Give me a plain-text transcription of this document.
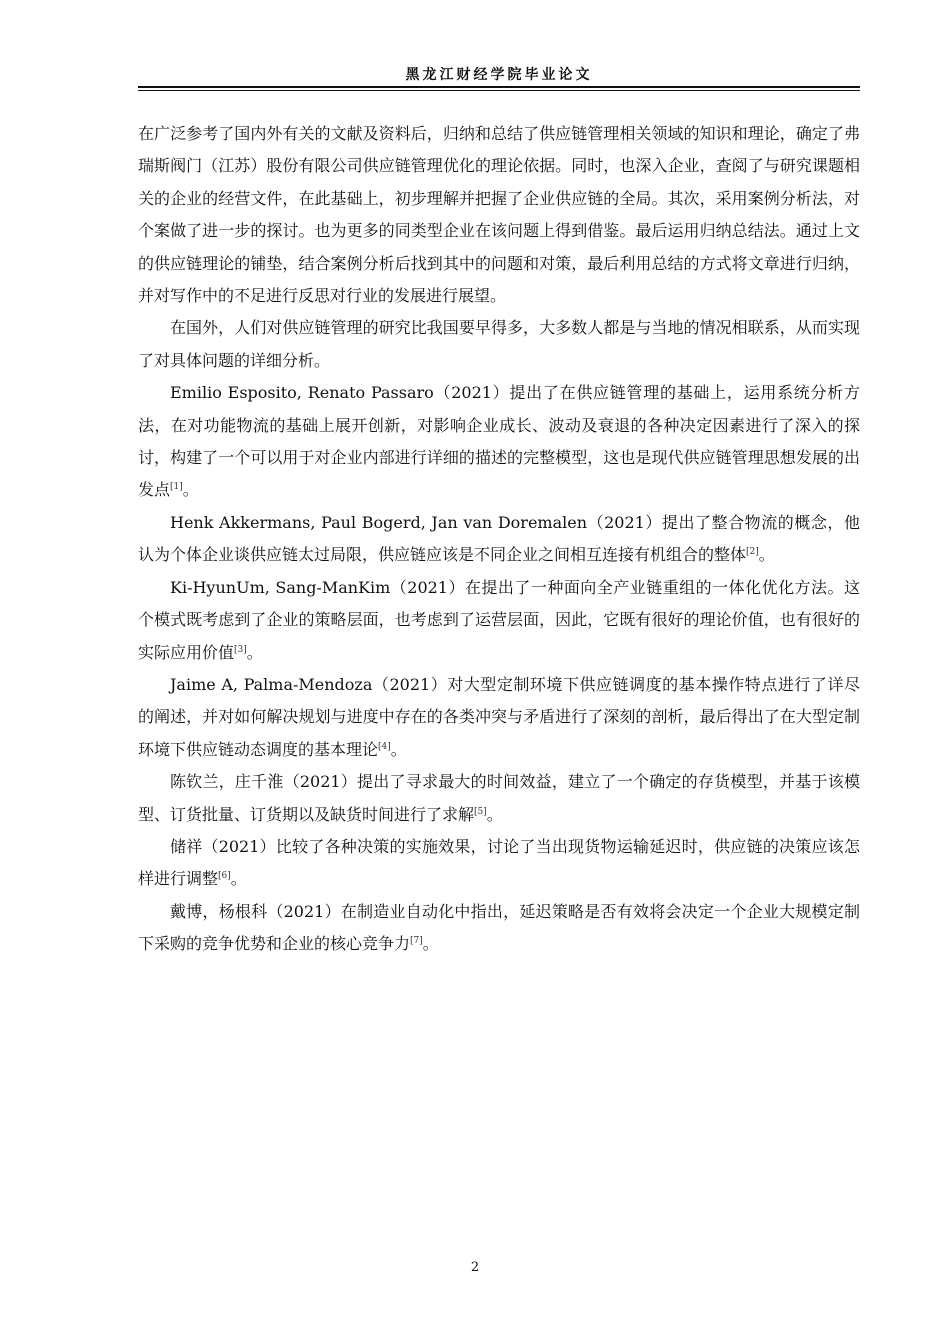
黑龙江财经学院毕业论文

在广泛参考了国内外有关的文献及资料后，归纳和总结了供应链管理相关领域的知识和理论，确定了弗瑞斯阀门（江苏）股份有限公司供应链管理优化的理论依据。同时，也深入企业，查阅了与研究课题相关的企业的经营文件，在此基础上，初步理解并把握了企业供应链的全局。其次，采用案例分析法，对个案做了进一步的探讨。也为更多的同类型企业在该问题上得到借鉴。最后运用归纳总结法。通过上文的供应链理论的铺垫，结合案例分析后找到其中的问题和对策，最后利用总结的方式将文章进行归纳，并对写作中的不足进行反思对行业的发展进行展望。

在国外，人们对供应链管理的研究比我国要早得多，大多数人都是与当地的情况相联系，从而实现了对具体问题的详细分析。

Emilio Esposito, Renato Passaro（2021）提出了在供应链管理的基础上，运用系统分析方法，在对功能物流的基础上展开创新，对影响企业成长、波动及衰退的各种决定因素进行了深入的探讨，构建了一个可以用于对企业内部进行详细的描述的完整模型，这也是现代供应链管理思想发展的出发点[1]。

Henk Akkermans, Paul Bogerd, Jan van Doremalen（2021）提出了整合物流的概念，他认为个体企业谈供应链太过局限，供应链应该是不同企业之间相互连接有机组合的整体[2]。

Ki-HyunUm, Sang-ManKim（2021）在提出了一种面向全产业链重组的一体化优化方法。这个模式既考虑到了企业的策略层面，也考虑到了运营层面，因此，它既有很好的理论价值，也有很好的实际应用价值[3]。

Jaime A, Palma-Mendoza（2021）对大型定制环境下供应链调度的基本操作特点进行了详尽的阐述，并对如何解决规划与进度中存在的各类冲突与矛盾进行了深刻的剖析，最后得出了在大型定制环境下供应链动态调度的基本理论[4]。

陈钦兰，庄千淮（2021）提出了寻求最大的时间效益，建立了一个确定的存货模型，并基于该模型、订货批量、订货期以及缺货时间进行了求解[5]。

储祥（2021）比较了各种决策的实施效果，讨论了当出现货物运输延迟时，供应链的决策应该怎样进行调整[6]。

戴博，杨根科（2021）在制造业自动化中指出，延迟策略是否有效将会决定一个企业大规模定制下采购的竞争优势和企业的核心竞争力[7]。

2
